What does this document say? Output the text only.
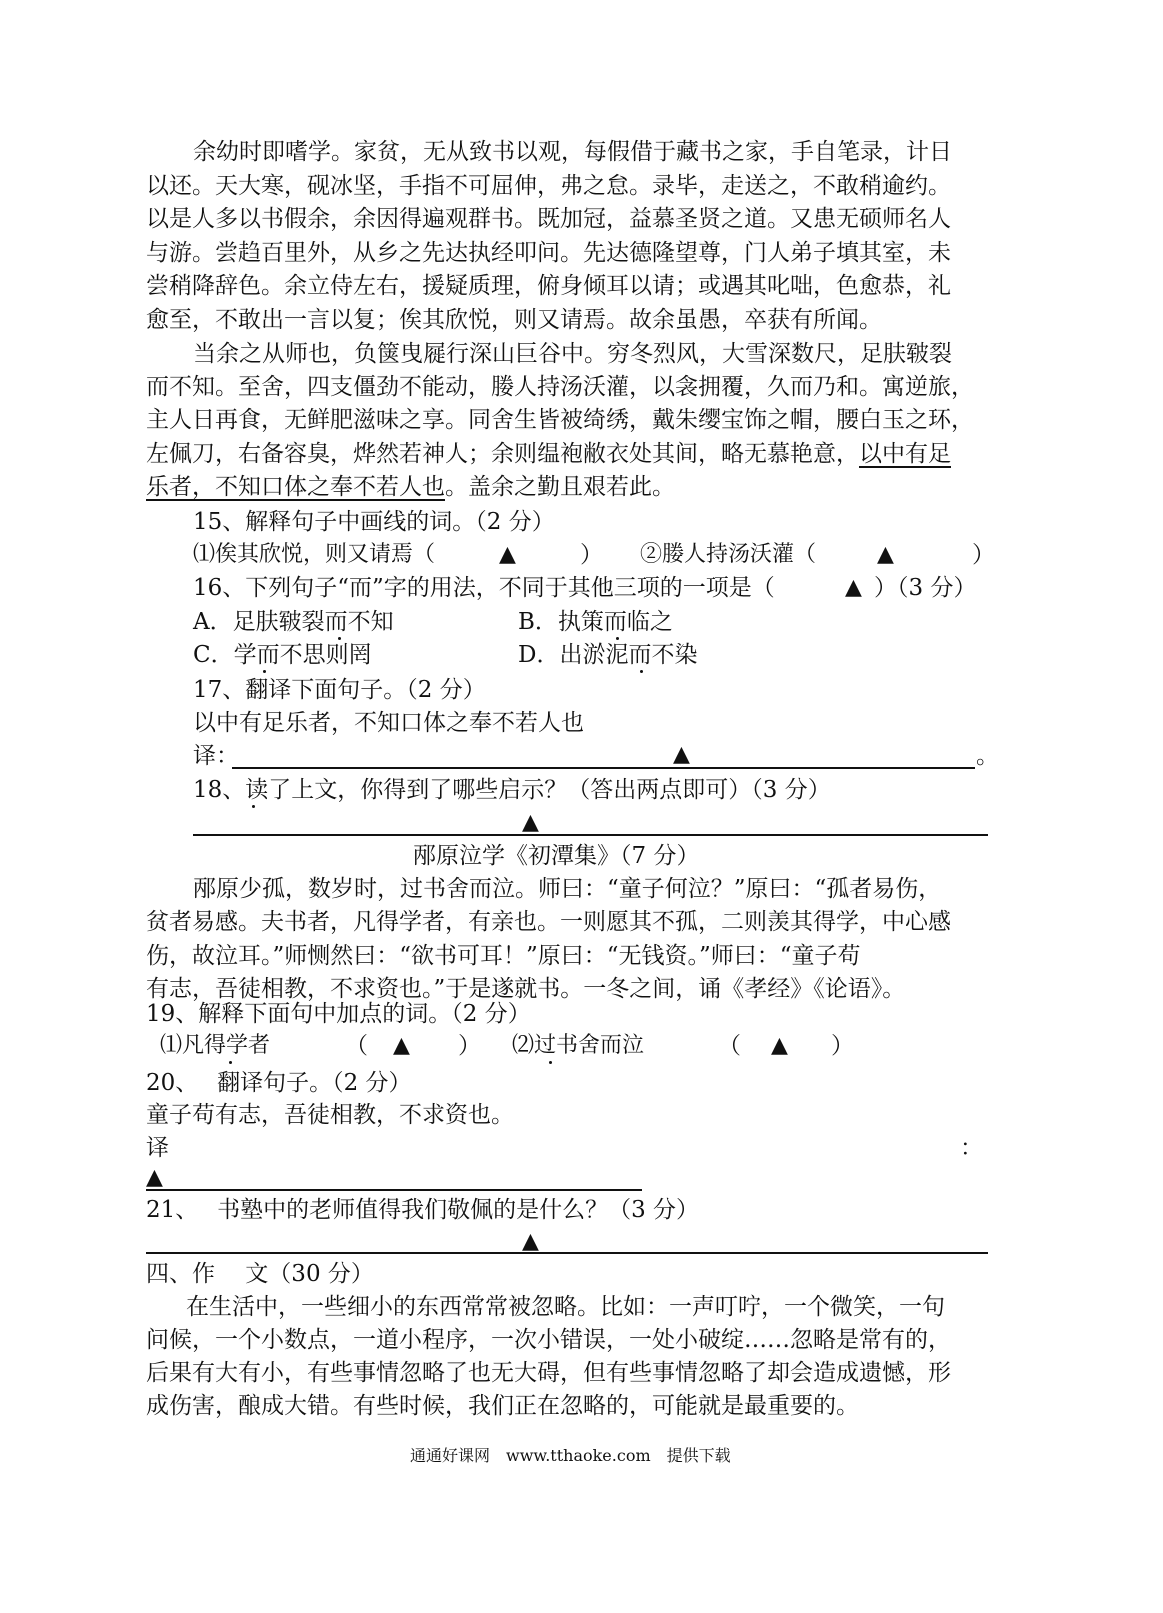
余幼时即嗜学。家贫，无从致书以观，每假借于藏书之家，手自笔录，计日
以还。天大寒，砚冰坚，手指不可屈伸，弗之怠。录毕，走送之，不敢稍逾约。
以是人多以书假余，余因得遍观群书。既加冠，益慕圣贤之道。又患无硕师名人
与游。尝趋百里外，从乡之先达执经叩问。先达德隆望尊，门人弟子填其室，未
尝稍降辞色。余立侍左右，援疑质理，俯身倾耳以请；或遇其叱咄，色愈恭，礼
愈至，不敢出一言以复；俟其欣悦，则又请焉。故余虽愚，卒获有所闻。
当余之从师也，负箧曳屣行深山巨谷中。穷冬烈风，大雪深数尺，足肤皲裂
而不知。至舍，四支僵劲不能动，媵人持汤沃灌，以衾拥覆，久而乃和。寓逆旅，
主人日再食，无鲜肥滋味之享。同舍生皆被绮绣，戴朱缨宝饰之帽，腰白玉之环，
左佩刀，右备容臭，烨然若神人；余则缊袍敝衣处其间，略无慕艳意，以中有足
乐者，不知口体之奉不若人也。盖余之勤且艰若此。
15、解释句子中画线的词。（2 分）
⑴俟其欣悦，则又请焉（	▲	） ②媵人持汤沃灌（	▲	）
16、下列句子“而”字的用法，不同于其他三项的一项是（	▲ ）（3 分）
A．足肤皲裂而不知	B．执策而临之
C．学而不思则罔	D．出淤泥而不染
17、翻译下面句子。（2 分）
以中有足乐者，不知口体之奉不若人也
译：	▲	。
18、读了上文，你得到了哪些启示？（答出两点即可）（3 分）
▲
邴原泣学《初潭集》（7 分）
邴原少孤，数岁时，过书舍而泣。师曰：“童子何泣？”原曰：“孤者易伤，
贫者易感。夫书者，凡得学者，有亲也。一则愿其不孤，二则羡其得学，中心感
伤，故泣耳。”师恻然曰：“欲书可耳！”原曰：“无钱资。”师曰：“童子苟
有志，吾徒相教，不求资也。”于是遂就书。一冬之间，诵《孝经》《论语》。
19、解释下面句中加点的词。（2 分）
⑴凡得学者	（ ▲ ） ⑵过书舍而泣	（ ▲ ）
20、　 翻译句子。（2 分）
童子苟有志，吾徒相教，不求资也。
译	：
▲
21、　 书塾中的老师值得我们敬佩的是什么？（3 分）
▲
四、作　 文（30 分）
在生活中，一些细小的东西常常被忽略。比如：一声叮咛，一个微笑，一句
问候，一个小数点，一道小程序，一次小错误，一处小破绽……忽略是常有的，
后果有大有小，有些事情忽略了也无大碍，但有些事情忽略了却会造成遗憾，形
成伤害，酿成大错。有些时候，我们正在忽略的，可能就是最重要的。
通通好课网　www.tthaoke.com　提供下载
